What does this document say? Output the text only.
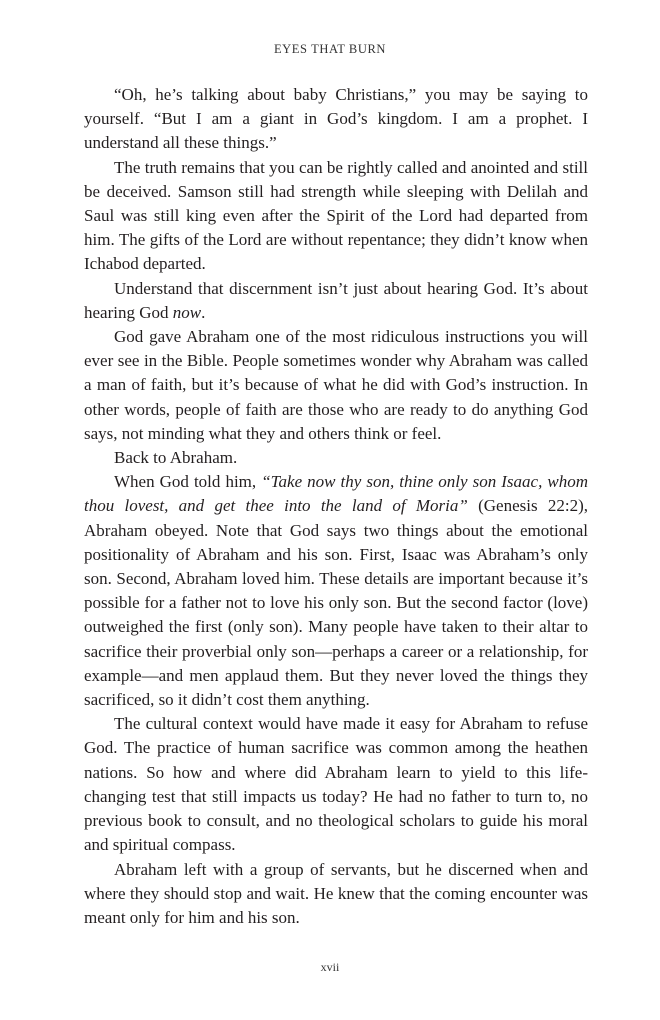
EYES THAT BURN

“Oh, he’s talking about baby Christians,” you may be saying to yourself. “But I am a giant in God’s kingdom. I am a prophet. I understand all these things.”

The truth remains that you can be rightly called and anointed and still be deceived. Samson still had strength while sleeping with Delilah and Saul was still king even after the Spirit of the Lord had departed from him. The gifts of the Lord are without repentance; they didn’t know when Ichabod departed.

Understand that discernment isn’t just about hearing God. It’s about hearing God now.

God gave Abraham one of the most ridiculous instructions you will ever see in the Bible. People sometimes wonder why Abraham was called a man of faith, but it’s because of what he did with God’s instruction. In other words, people of faith are those who are ready to do anything God says, not minding what they and others think or feel.

Back to Abraham.

When God told him, “Take now thy son, thine only son Isaac, whom thou lovest, and get thee into the land of Moria” (Genesis 22:2), Abraham obeyed. Note that God says two things about the emotional positionality of Abraham and his son. First, Isaac was Abraham’s only son. Second, Abraham loved him. These details are important because it’s possible for a father not to love his only son. But the second factor (love) outweighed the first (only son). Many people have taken to their altar to sacrifice their proverbial only son—perhaps a career or a relationship, for example—and men applaud them. But they never loved the things they sacrificed, so it didn’t cost them anything.

The cultural context would have made it easy for Abraham to refuse God. The practice of human sacrifice was common among the heathen nations. So how and where did Abraham learn to yield to this life-changing test that still impacts us today? He had no father to turn to, no previous book to consult, and no theological scholars to guide his moral and spiritual compass.

Abraham left with a group of servants, but he discerned when and where they should stop and wait. He knew that the coming encounter was meant only for him and his son.

xvii
